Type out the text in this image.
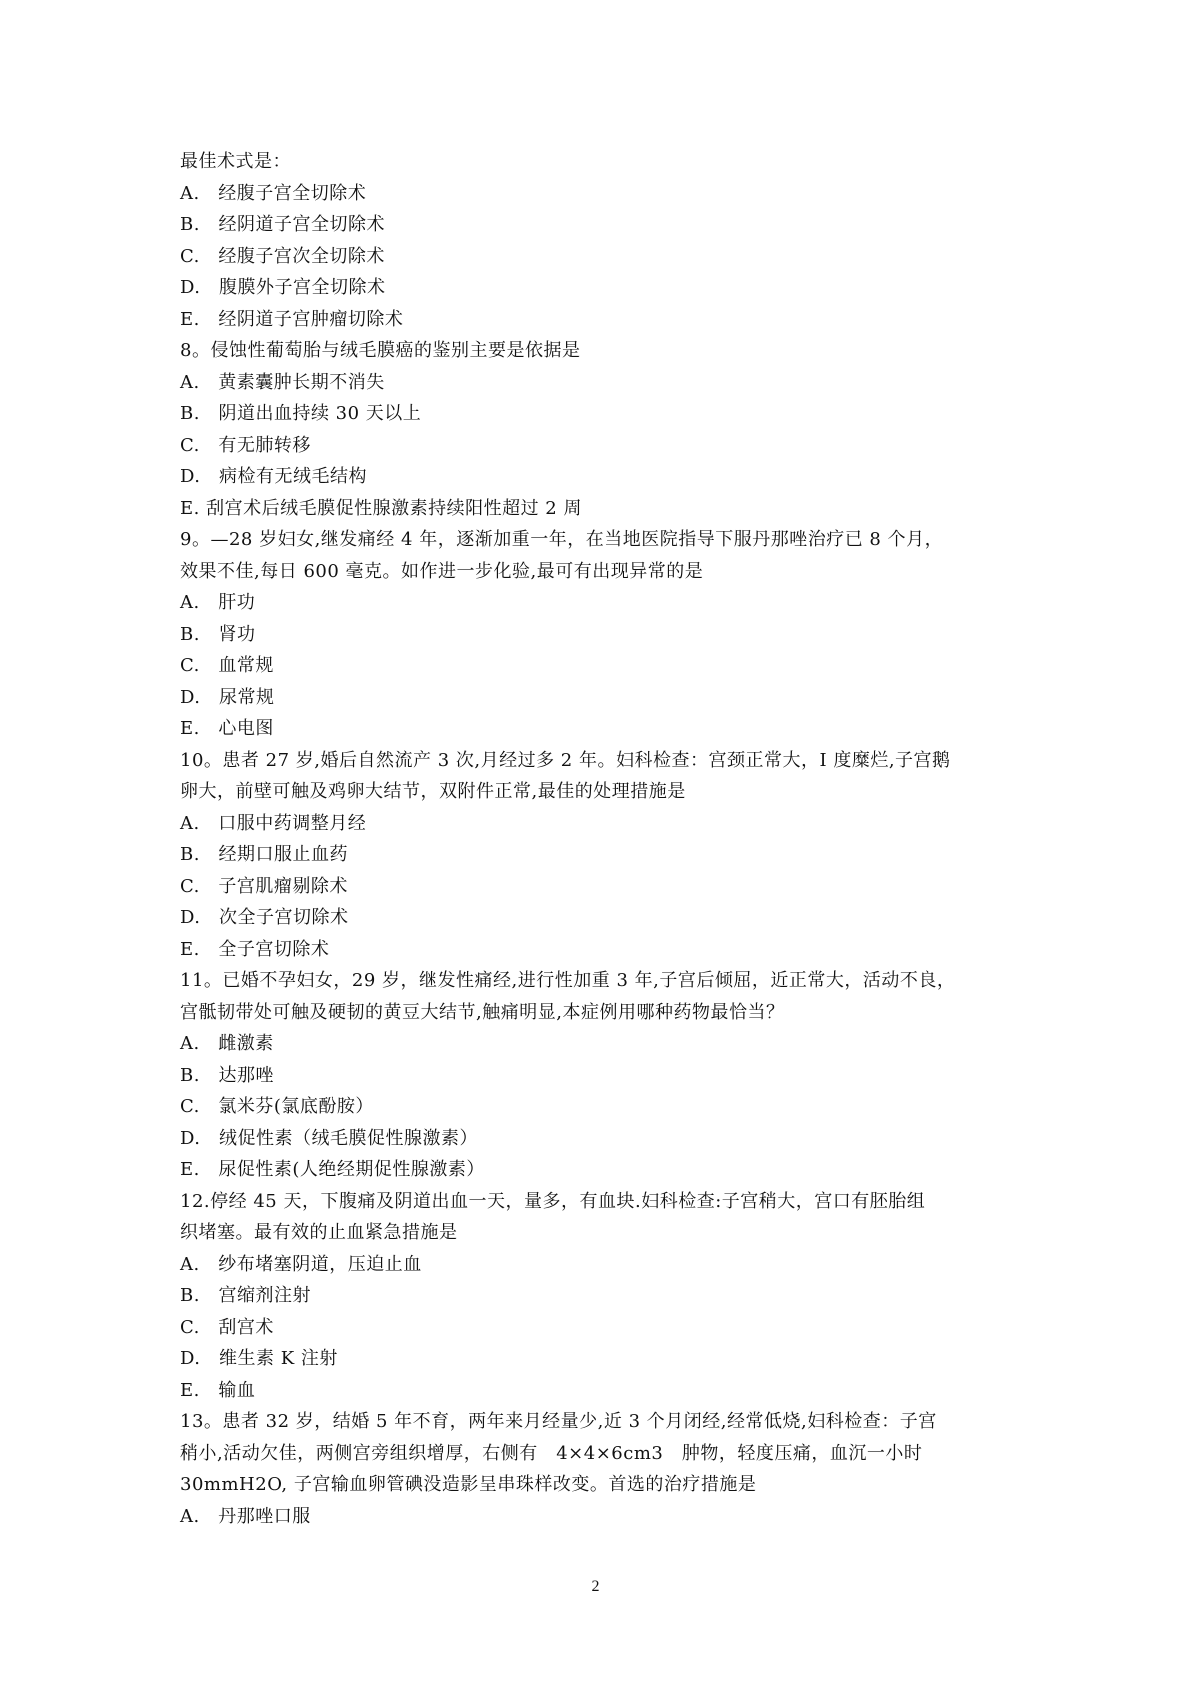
最佳术式是：
A.　经腹子宫全切除术
B.　经阴道子宫全切除术
C.　经腹子宫次全切除术
D.　腹膜外子宫全切除术
E.　经阴道子宫肿瘤切除术
8。侵蚀性葡萄胎与绒毛膜癌的鉴别主要是依据是
A.　黄素囊肿长期不消失
B.　阴道出血持续 30 天以上
C.　有无肺转移
D.　病检有无绒毛结构
E. 刮宫术后绒毛膜促性腺激素持续阳性超过 2 周
9。—28 岁妇女,继发痛经 4 年，逐渐加重一年，在当地医院指导下服丹那唑治疗已 8 个月，
效果不佳,每日 600 毫克。如作进一步化验,最可有出现异常的是
A.　肝功
B.　肾功
C.　血常规
D.　尿常规
E.　心电图
10。患者 27 岁,婚后自然流产 3 次,月经过多 2 年。妇科检查：宫颈正常大，I 度糜烂,子宫鹅
卵大，前壁可触及鸡卵大结节，双附件正常,最佳的处理措施是
A.　口服中药调整月经
B.　经期口服止血药
C.　子宫肌瘤剔除术
D.　次全子宫切除术
E.　全子宫切除术
11。已婚不孕妇女，29 岁，继发性痛经,进行性加重 3 年,子宫后倾屈，近正常大，活动不良，
宫骶韧带处可触及硬韧的黄豆大结节,触痛明显,本症例用哪种药物最恰当？
A.　雌激素
B.　达那唑
C.　氯米芬(氯底酚胺）
D.　绒促性素（绒毛膜促性腺激素）
E.　尿促性素(人绝经期促性腺激素）
12.停经 45 天，下腹痛及阴道出血一天，量多，有血块.妇科检查:子宫稍大，宫口有胚胎组
织堵塞。最有效的止血紧急措施是
A.　纱布堵塞阴道，压迫止血
B.　宫缩剂注射
C.　刮宫术
D.　维生素 K 注射
E.　输血
13。患者 32 岁，结婚 5 年不育，两年来月经量少,近 3 个月闭经,经常低烧,妇科检查：子宫
稍小,活动欠佳，两侧宫旁组织增厚，右侧有　4×4×6cm3　肿物，轻度压痛，血沉一小时
30mmH2O, 子宫输血卵管碘没造影呈串珠样改变。首选的治疗措施是
A.　丹那唑口服
2
